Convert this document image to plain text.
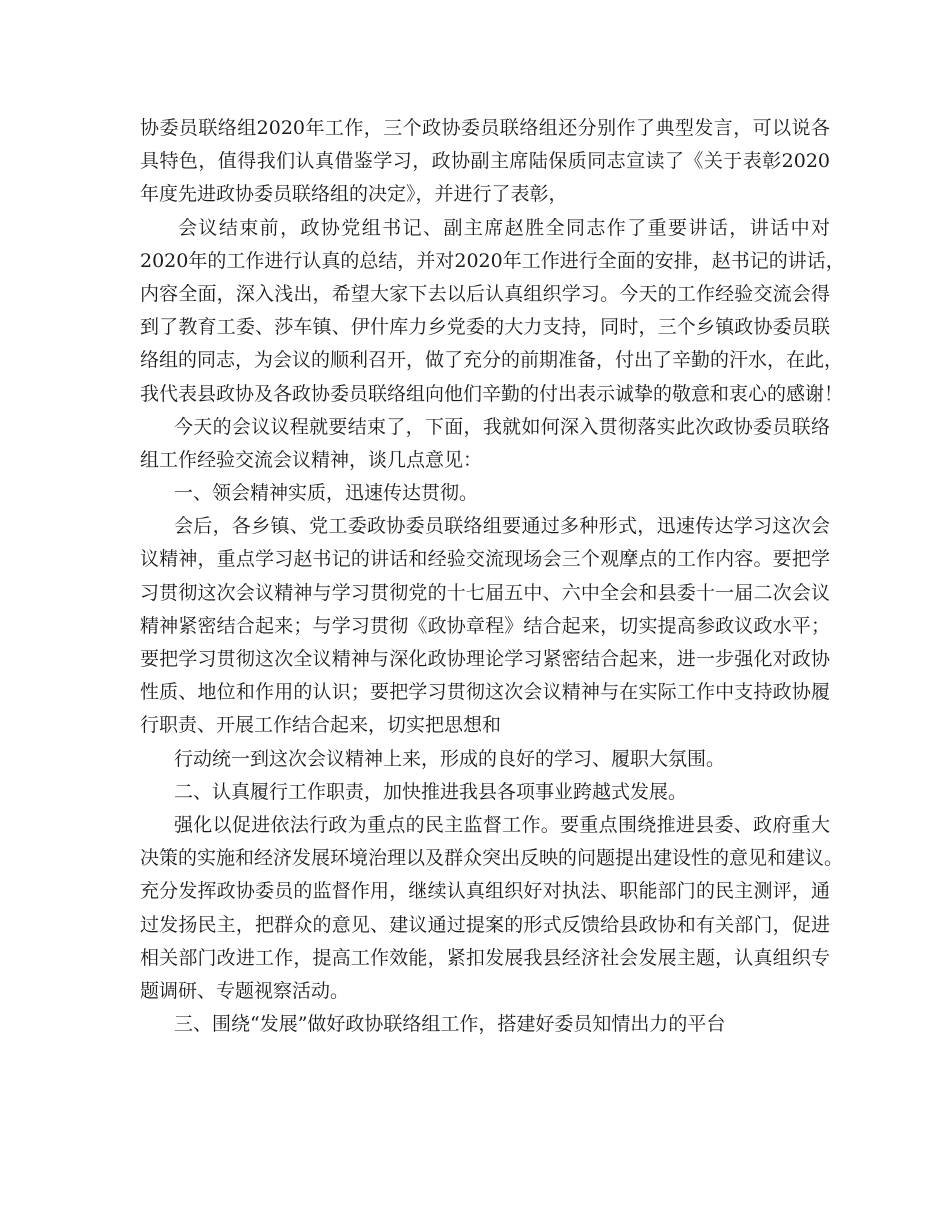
协委员联络组2020年工作，三个政协委员联络组还分别作了典型发言，可以说各
具特色，值得我们认真借鉴学习，政协副主席陆保质同志宣读了《关于表彰2020
年度先进政协委员联络组的决定》，并进行了表彰，
会议结束前，政协党组书记、副主席赵胜全同志作了重要讲话，讲话中对
2020年的工作进行认真的总结，并对2020年工作进行全面的安排，赵书记的讲话，
内容全面，深入浅出，希望大家下去以后认真组织学习。今天的工作经验交流会得
到了教育工委、莎车镇、伊什库力乡党委的大力支持，同时，三个乡镇政协委员联
络组的同志，为会议的顺利召开，做了充分的前期准备，付出了辛勤的汗水，在此，
我代表县政协及各政协委员联络组向他们辛勤的付出表示诚挚的敬意和衷心的感谢！
今天的会议议程就要结束了，下面，我就如何深入贯彻落实此次政协委员联络
组工作经验交流会议精神，谈几点意见：
一、领会精神实质，迅速传达贯彻。
会后，各乡镇、党工委政协委员联络组要通过多种形式，迅速传达学习这次会
议精神，重点学习赵书记的讲话和经验交流现场会三个观摩点的工作内容。要把学
习贯彻这次会议精神与学习贯彻党的十七届五中、六中全会和县委十一届二次会议
精神紧密结合起来；与学习贯彻《政协章程》结合起来，切实提高参政议政水平；
要把学习贯彻这次全议精神与深化政协理论学习紧密结合起来，进一步强化对政协
性质、地位和作用的认识；要把学习贯彻这次会议精神与在实际工作中支持政协履
行职责、开展工作结合起来，切实把思想和
行动统一到这次会议精神上来，形成的良好的学习、履职大氛围。
二、认真履行工作职责，加快推进我县各项事业跨越式发展。
强化以促进依法行政为重点的民主监督工作。要重点围绕推进县委、政府重大
决策的实施和经济发展环境治理以及群众突出反映的问题提出建设性的意见和建议。
充分发挥政协委员的监督作用，继续认真组织好对执法、职能部门的民主测评，通
过发扬民主，把群众的意见、建议通过提案的形式反馈给县政协和有关部门，促进
相关部门改进工作，提高工作效能，紧扣发展我县经济社会发展主题，认真组织专
题调研、专题视察活动。
三、围绕“发展”做好政协联络组工作，搭建好委员知情出力的平台
